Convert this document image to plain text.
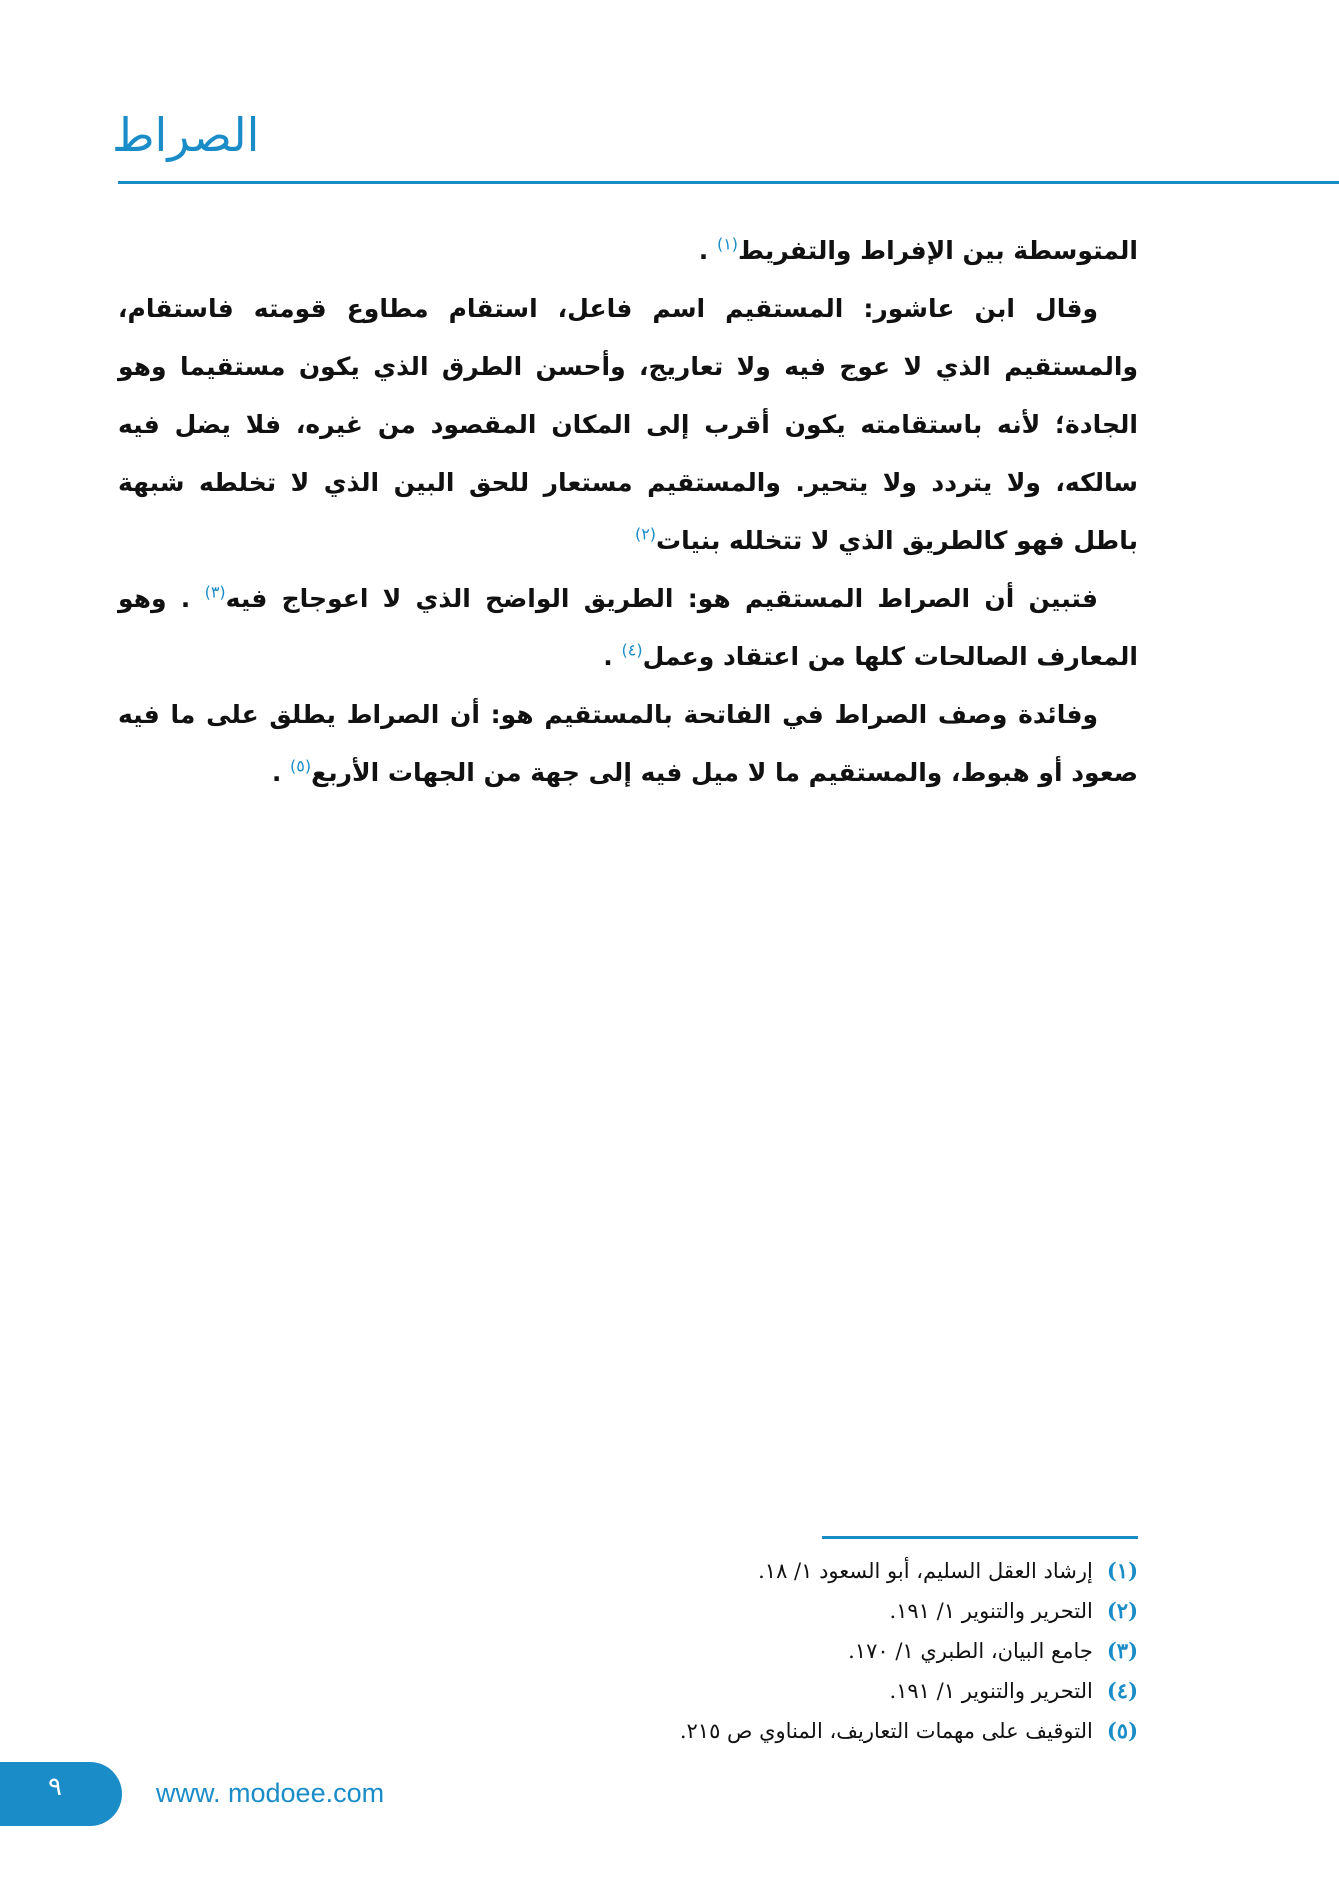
الصراط

المتوسطة بين الإفراط والتفريط$^{(١)}$ .

وقال ابن عاشور: المستقيم اسم فاعل، استقام مطاوع قومته فاستقام، والمستقيم الذي لا عوج فيه ولا تعاريج، وأحسن الطرق الذي يكون مستقيما وهو الجادة؛ لأنه باستقامته يكون أقرب إلى المكان المقصود من غيره، فلا يضل فيه سالكه، ولا يتردد ولا يتحير. والمستقيم مستعار للحق البين الذي لا تخلطه شبهة باطل فهو كالطريق الذي لا تتخلله بنيات$^{(٢)}$

فتبين أن الصراط المستقيم هو: الطريق الواضح الذي لا اعوجاج فيه$^{(٣)}$ . وهو المعارف الصالحات كلها من اعتقاد وعمل$^{(٤)}$ .

وفائدة وصف الصراط في الفاتحة بالمستقيم هو: أن الصراط يطلق على ما فيه صعود أو هبوط، والمستقيم ما لا ميل فيه إلى جهة من الجهات الأربع$^{(٥)}$ .

(١)
إرشاد العقل السليم، أبو السعود ١/ ١٨.
(٢)
التحرير والتنوير ١/ ١٩١.
(٣)
جامع البيان، الطبري ١/ ١٧٠.
(٤)
التحرير والتنوير ١/ ١٩١.
(٥)
التوقيف على مهمات التعاريف، المناوي ص ٢١٥.
٩	www. modoee.com
